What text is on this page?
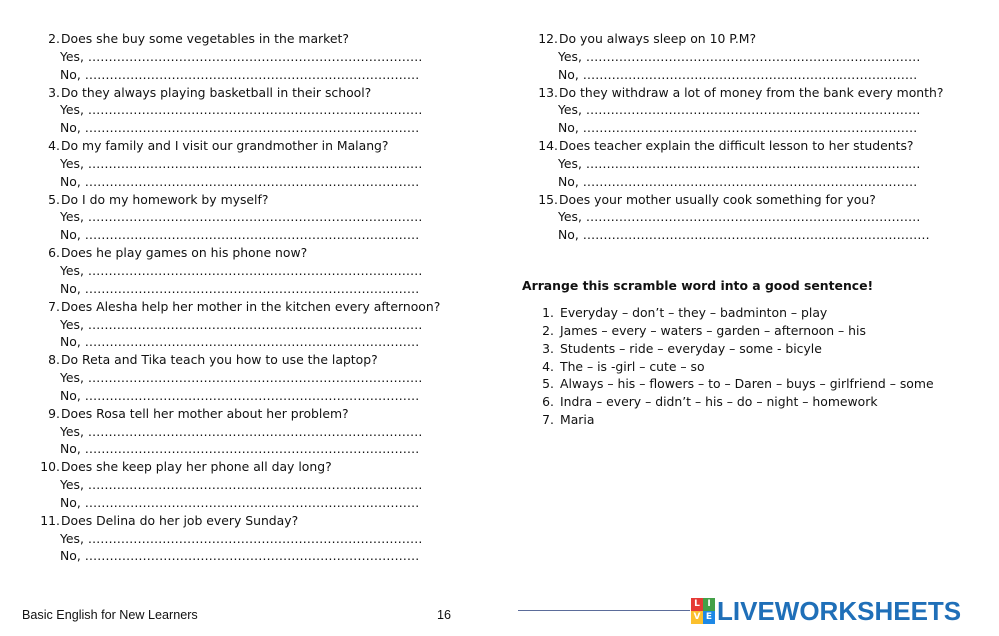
2. Does she buy some vegetables in the market?
Yes, ………………………………………………………………………
No, ………………………………………………………………………
3. Do they always playing basketball in their school?
Yes, ………………………………………………………………………
No, ………………………………………………………………………
4. Do my family and I visit our grandmother in Malang?
Yes, ………………………………………………………………………
No, ………………………………………………………………………
5. Do I do my homework by myself?
Yes, ………………………………………………………………………
No, ………………………………………………………………………
6. Does he play games on his phone now?
Yes, ………………………………………………………………………
No, ………………………………………………………………………
7. Does Alesha help her mother in the kitchen every afternoon?
Yes, ………………………………………………………………………
No, ………………………………………………………………………
8. Do Reta and Tika teach you how to use the laptop?
Yes, ………………………………………………………………………
No, ………………………………………………………………………
9. Does Rosa tell her mother about her problem?
Yes, ………………………………………………………………………
No, ………………………………………………………………………
10. Does she keep play her phone all day long?
Yes, ………………………………………………………………………
No, ………………………………………………………………………
11. Does Delina do her job every Sunday?
Yes, ………………………………………………………………………
No, ………………………………………………………………………
12. Do you always sleep on 10 P.M?
Yes, ………………………………………………………………………
No, ………………………………………………………………………
13. Do they withdraw a lot of money from the bank every month?
Yes, ………………………………………………………………………
No, ………………………………………………………………………
14. Does teacher explain the difficult lesson to her students?
Yes, ………………………………………………………………………
No, ………………………………………………………………………
15. Does your mother usually cook something for you?
Yes, ………………………………………………………………………
No, …………………………………………………………………………
Arrange this scramble word into a good sentence!
1. Everyday – don’t – they – badminton – play
2. James – every – waters – garden – afternoon – his
3. Students – ride – everyday – some - bicyle
4. The – is -girl – cute – so
5. Always – his – flowers – to – Daren – buys – girlfriend – some
6. Indra – every – didn’t – his – do – night – homework
7. Maria
Basic English for New Learners	16
L I
V E LIVEWORKSHEETS
